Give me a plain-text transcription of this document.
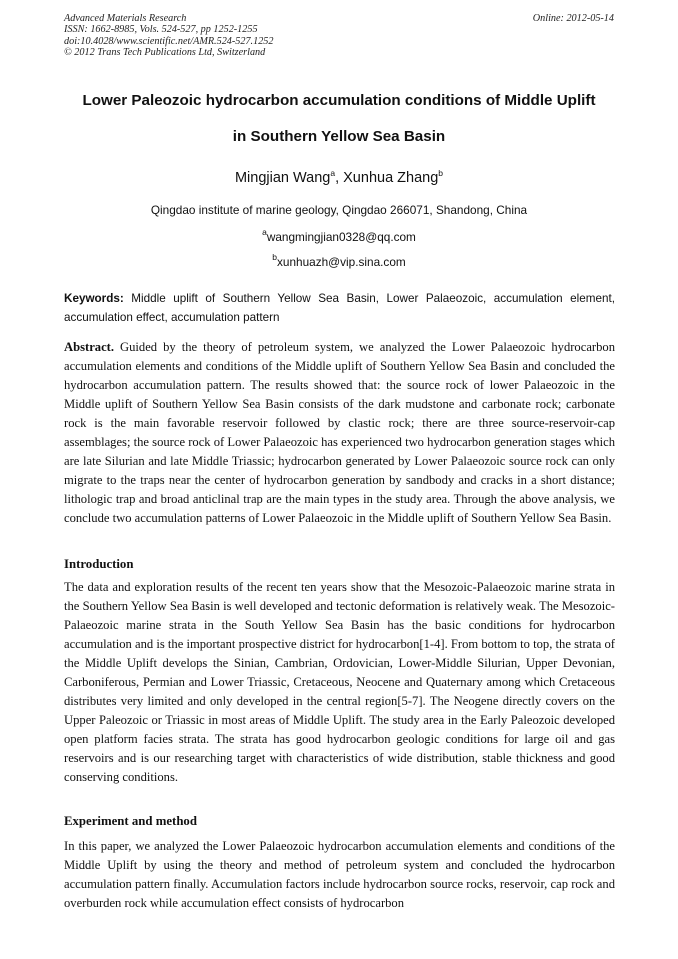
Advanced Materials Research
ISSN: 1662-8985, Vols. 524-527, pp 1252-1255
doi:10.4028/www.scientific.net/AMR.524-527.1252
© 2012 Trans Tech Publications Ltd, Switzerland
Online: 2012-05-14
Lower Paleozoic hydrocarbon accumulation conditions of Middle Uplift
in Southern Yellow Sea Basin
Mingjian Wang$^a$, Xunhua Zhang$^b$
Qingdao institute of marine geology, Qingdao 266071, Shandong, China
$^a$wangmingjian0328@qq.com
$^b$xunhuazh@vip.sina.com
Keywords: Middle uplift of Southern Yellow Sea Basin, Lower Palaeozoic, accumulation element, accumulation effect, accumulation pattern
Abstract. Guided by the theory of petroleum system, we analyzed the Lower Palaeozoic hydrocarbon accumulation elements and conditions of the Middle uplift of Southern Yellow Sea Basin and concluded the hydrocarbon accumulation pattern. The results showed that: the source rock of lower Palaeozoic in the Middle uplift of Southern Yellow Sea Basin consists of the dark mudstone and carbonate rock; carbonate rock is the main favorable reservoir followed by clastic rock; there are three source-reservoir-cap assemblages; the source rock of Lower Palaeozoic has experienced two hydrocarbon generation stages which are late Silurian and late Middle Triassic; hydrocarbon generated by Lower Palaeozoic source rock can only migrate to the traps near the center of hydrocarbon generation by sandbody and cracks in a short distance; lithologic trap and broad anticlinal trap are the main types in the study area. Through the above analysis, we conclude two accumulation patterns of Lower Palaeozoic in the Middle uplift of Southern Yellow Sea Basin.
Introduction
The data and exploration results of the recent ten years show that the Mesozoic-Palaeozoic marine strata in the Southern Yellow Sea Basin is well developed and tectonic deformation is relatively weak. The Mesozoic-Palaeozoic marine strata in the South Yellow Sea Basin has the basic conditions for hydrocarbon accumulation and is the important prospective district for hydrocarbon[1-4]. From bottom to top, the strata of the Middle Uplift develops the Sinian, Cambrian, Ordovician, Lower-Middle Silurian, Upper Devonian, Carboniferous, Permian and Lower Triassic, Cretaceous, Neocene and Quaternary among which Cretaceous distributes very limited and only developed in the central region[5-7]. The Neogene directly covers on the Upper Paleozoic or Triassic in most areas of Middle Uplift. The study area in the Early Paleozoic developed open platform facies strata. The strata has good hydrocarbon geologic conditions for large oil and gas reservoirs and is our researching target with characteristics of wide distribution, stable thickness and good conserving conditions.
Experiment and method
In this paper, we analyzed the Lower Palaeozoic hydrocarbon accumulation elements and conditions of the Middle Uplift by using the theory and method of petroleum system and concluded the hydrocarbon accumulation pattern finally. Accumulation factors include hydrocarbon source rocks, reservoir, cap rock and overburden rock while accumulation effect consists of hydrocarbon
